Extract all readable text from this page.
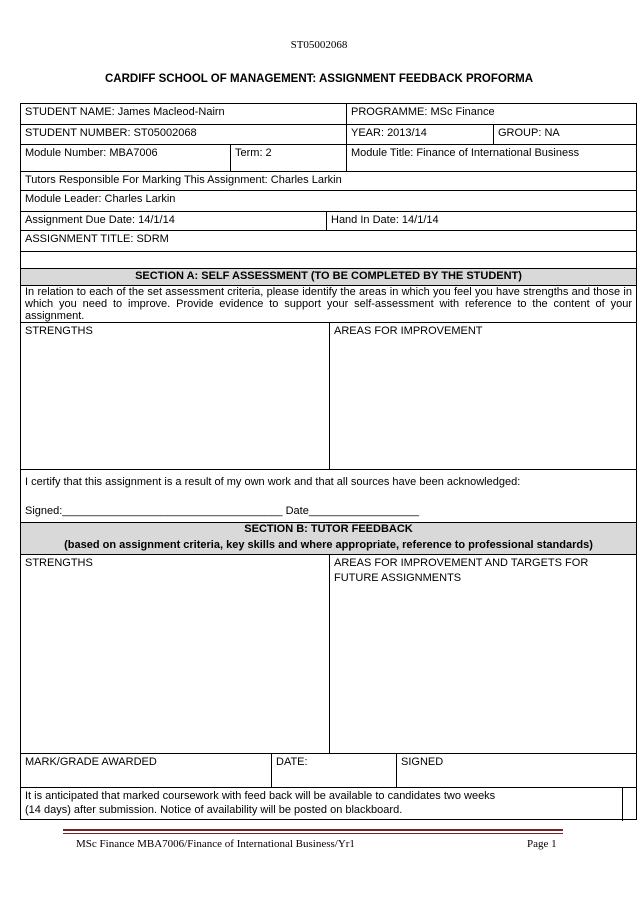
ST05002068
CARDIFF SCHOOL OF MANAGEMENT: ASSIGNMENT FEEDBACK PROFORMA
STUDENT NAME: James Macleod-Nairn	PROGRAMME: MSc Finance
STUDENT NUMBER: ST05002068	YEAR: 2013/14	GROUP: NA
Module Number: MBA7006	Term: 2	Module Title: Finance of International Business
Tutors Responsible For Marking This Assignment: Charles Larkin
Module Leader: Charles Larkin
Assignment Due Date: 14/1/14	Hand In Date: 14/1/14
ASSIGNMENT TITLE: SDRM
SECTION A: SELF ASSESSMENT (TO BE COMPLETED BY THE STUDENT)
In relation to each of the set assessment criteria, please identify the areas in which you feel you have strengths and those in which you need to improve. Provide evidence to support your self-assessment with reference to the content of your assignment.
STRENGTHS	AREAS FOR IMPROVEMENT
I certify that this assignment is a result of my own work and that all sources have been acknowledged:
Signed:____________________________________ Date__________________
SECTION B: TUTOR FEEDBACK
(based on assignment criteria, key skills and where appropriate, reference to professional standards)
STRENGTHS	AREAS FOR IMPROVEMENT AND TARGETS FOR
FUTURE ASSIGNMENTS
MARK/GRADE AWARDED	DATE:	SIGNED
It is anticipated that marked coursework with feed back will be available to candidates two weeks
(14 days) after submission. Notice of availability will be posted on blackboard.
MSc Finance MBA7006/Finance of International Business/Yr1	Page 1
